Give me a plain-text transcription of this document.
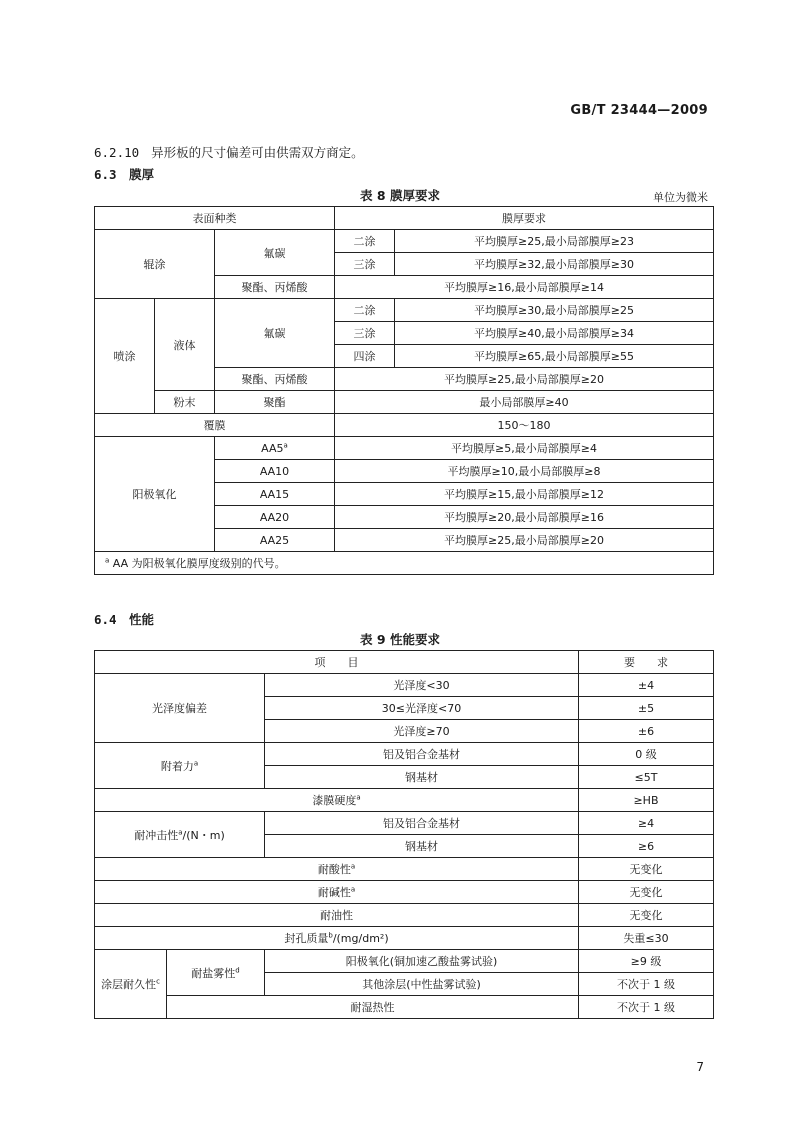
GB/T 23444—2009
6.2.10 异形板的尺寸偏差可由供需双方商定。
6.3 膜厚
表 8 膜厚要求	单位为微米
表面种类			膜厚要求	
辊涂		氟碳	二涂	平均膜厚≥25,最小局部膜厚≥23
			三涂	平均膜厚≥32,最小局部膜厚≥30
		聚酯、丙烯酸	平均膜厚≥16,最小局部膜厚≥14	
喷涂	液体	氟碳	二涂	平均膜厚≥30,最小局部膜厚≥25
			三涂	平均膜厚≥40,最小局部膜厚≥34
			四涂	平均膜厚≥65,最小局部膜厚≥55
		聚酯、丙烯酸	平均膜厚≥25,最小局部膜厚≥20	
	粉末	聚酯	最小局部膜厚≥40	
覆膜			150～180	
阳极氧化		AA5$^a$	平均膜厚≥5,最小局部膜厚≥4	
		AA10	平均膜厚≥10,最小局部膜厚≥8	
		AA15	平均膜厚≥15,最小局部膜厚≥12	
		AA20	平均膜厚≥20,最小局部膜厚≥16	
		AA25	平均膜厚≥25,最小局部膜厚≥20	
$^a$ AA 为阳极氧化膜厚度级别的代号。				
6.4 性能
表 9 性能要求
项　　目			要　　求
光泽度偏差		光泽度<30	±4
		30≤光泽度<70	±5
		光泽度≥70	±6
附着力$^a$		铝及铝合金基材	0 级
		钢基材	≤5T
漆膜硬度$^a$			≥HB
耐冲击性$^a$/(N・m)		铝及铝合金基材	≥4
		钢基材	≥6
耐酸性$^a$			无变化
耐碱性$^a$			无变化
耐油性			无变化
封孔质量$^b$/(mg/dm²)			失重≤30
涂层耐久性$^c$	耐盐雾性$^d$	阳极氧化(铜加速乙酸盐雾试验)	≥9 级
		其他涂层(中性盐雾试验)	不次于 1 级
	耐湿热性		不次于 1 级
7
